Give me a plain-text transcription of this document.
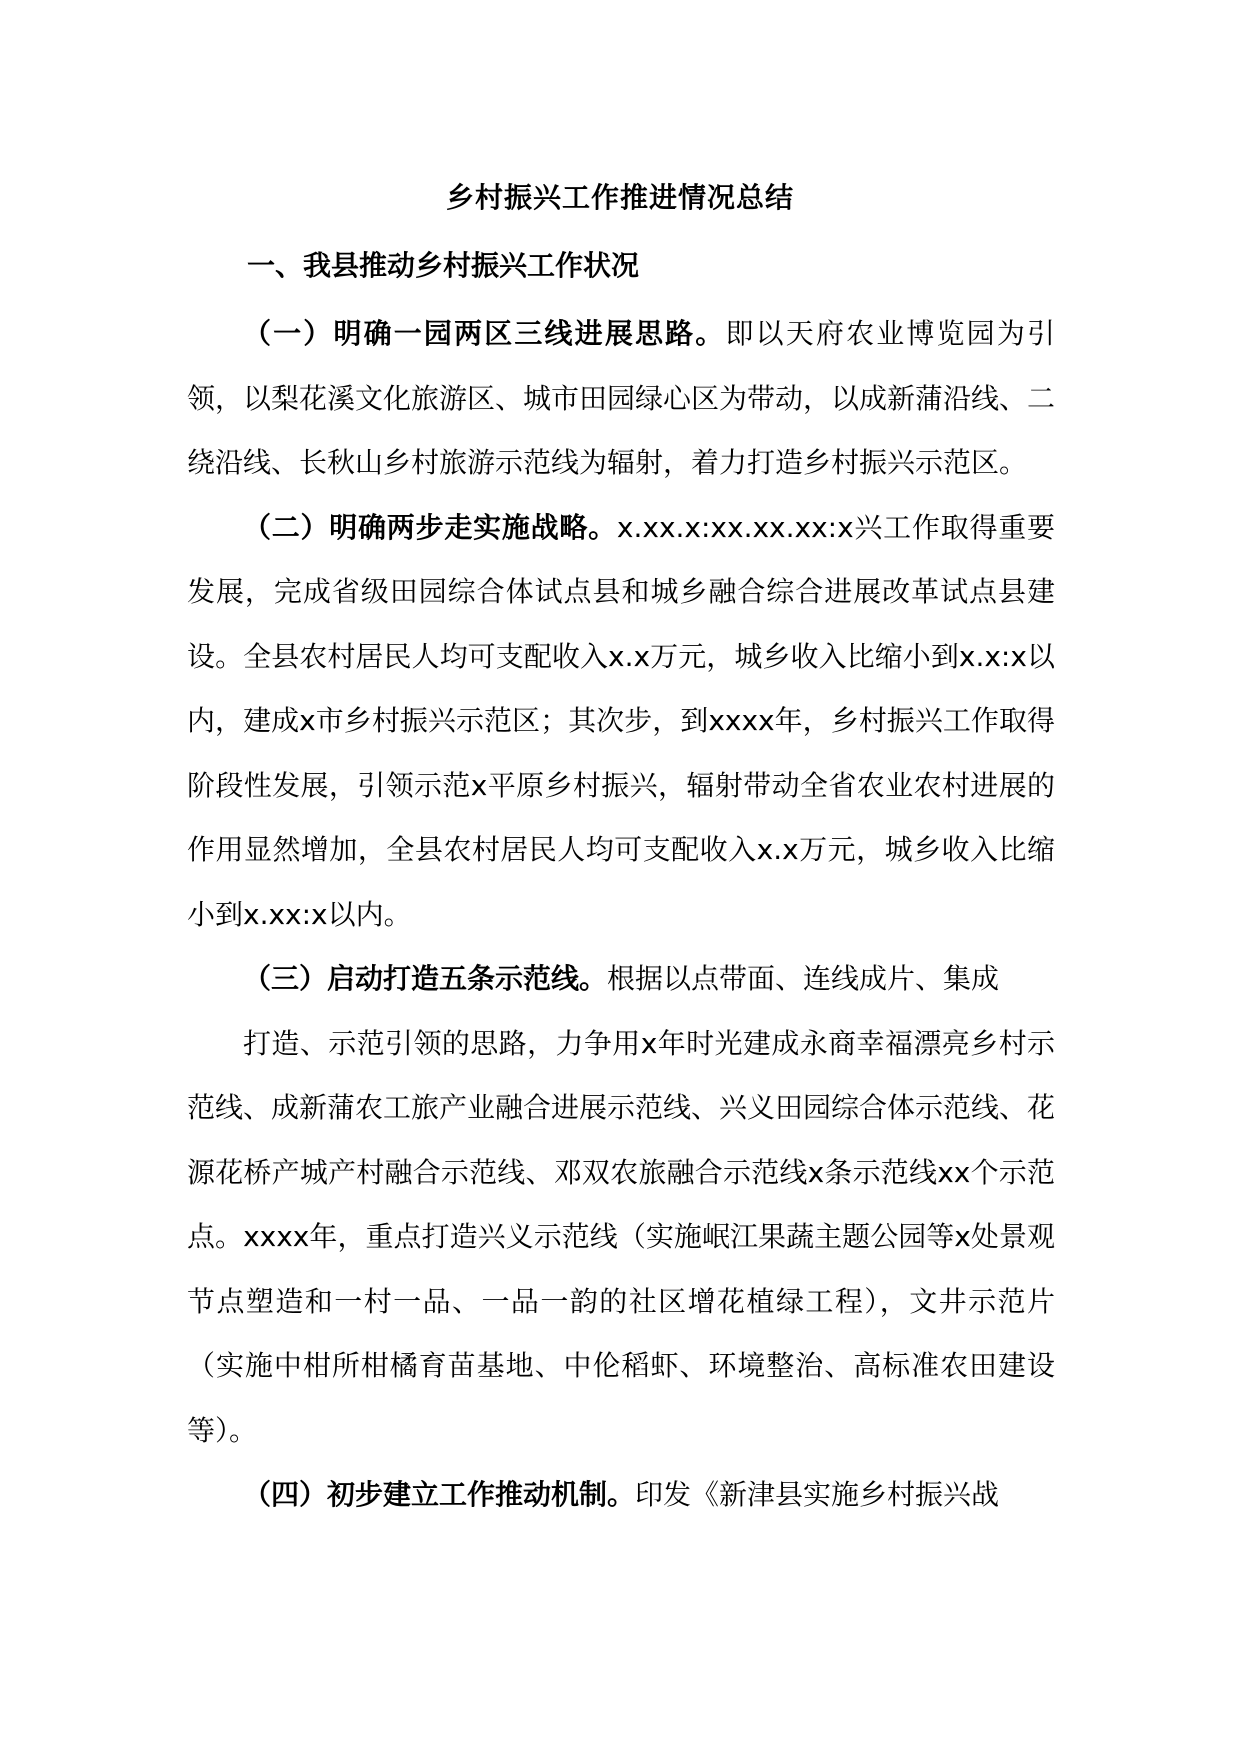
乡村振兴工作推进情况总结
一、我县推动乡村振兴工作状况

（一）明确一园两区三线进展思路。即以天府农业博览园为引领，以梨花溪文化旅游区、城市田园绿心区为带动，以成新蒲沿线、二绕沿线、长秋山乡村旅游示范线为辐射，着力打造乡村振兴示范区。

（二）明确两步走实施战略。x.xx.x:xx.xx.xx:x兴工作取得重要发展，完成省级田园综合体试点县和城乡融合综合进展改革试点县建设。全县农村居民人均可支配收入x.x万元，城乡收入比缩小到x.x:x以内，建成x市乡村振兴示范区；其次步，到xxxx年，乡村振兴工作取得阶段性发展，引领示范x平原乡村振兴，辐射带动全省农业农村进展的作用显然增加，全县农村居民人均可支配收入x.x万元，城乡收入比缩小到x.xx:x以内。

（三）启动打造五条示范线。根据以点带面、连线成片、集成

打造、示范引领的思路，力争用x年时光建成永商幸福漂亮乡村示范线、成新蒲农工旅产业融合进展示范线、兴义田园综合体示范线、花源花桥产城产村融合示范线、邓双农旅融合示范线x条示范线xx个示范点。xxxx年，重点打造兴义示范线（实施岷江果蔬主题公园等x处景观节点塑造和一村一品、一品一韵的社区增花植绿工程），文井示范片（实施中柑所柑橘育苗基地、中伦稻虾、环境整治、高标准农田建设等）。

（四）初步建立工作推动机制。印发《新津县实施乡村振兴战
